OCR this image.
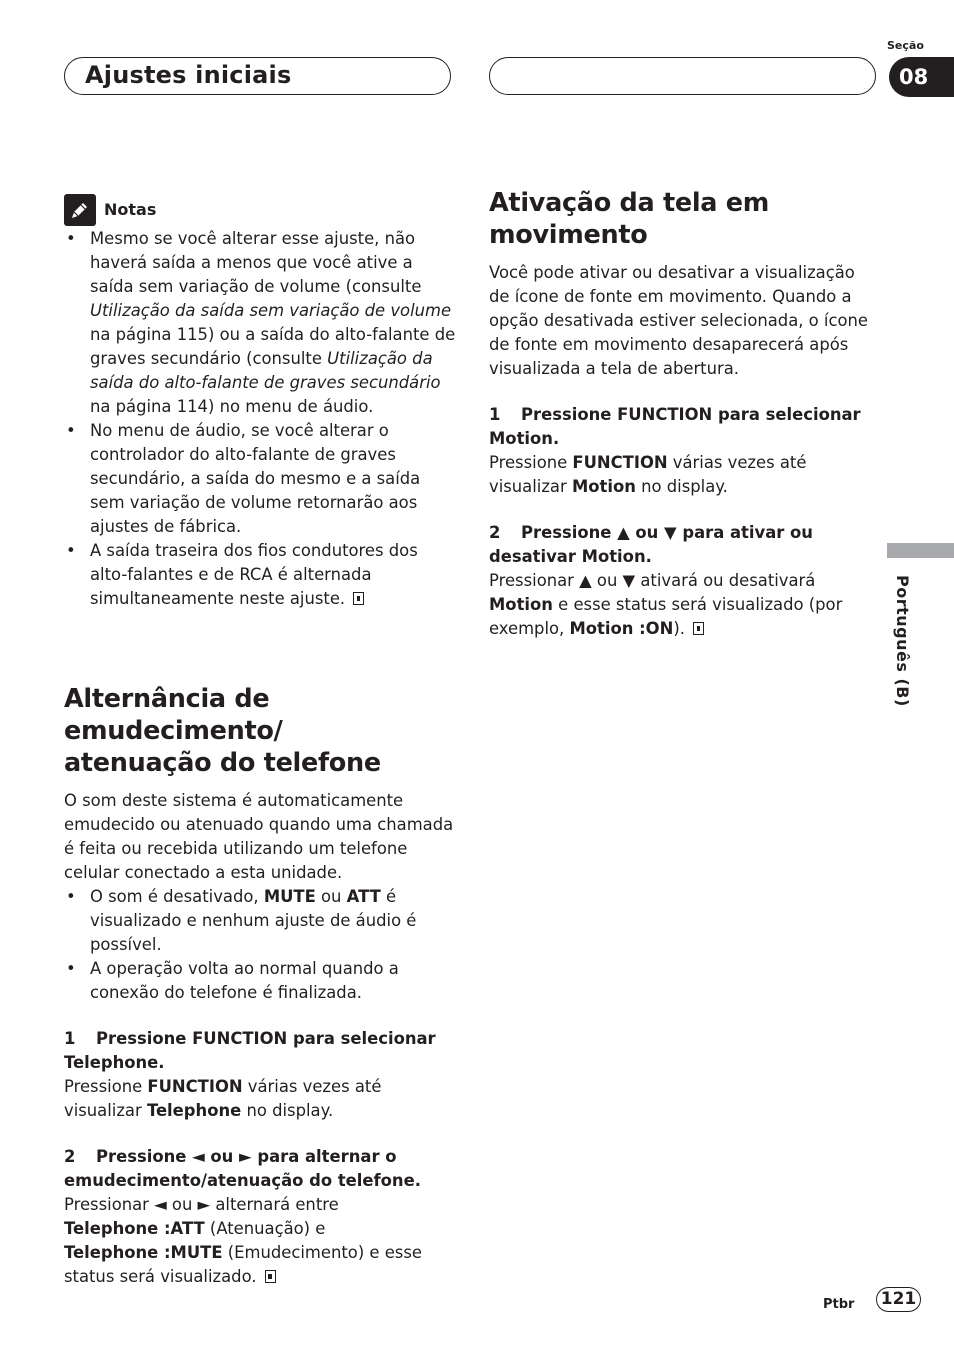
Ajustes iniciais
Seção
08
Notas
• Mesmo se você alterar esse ajuste, não haverá saída a menos que você ative a saída sem variação de volume (consulte Utilização da saída sem variação de volume na página 115) ou a saída do alto-falante de graves secundário (consulte Utilização da saída do alto-falante de graves secundário na página 114) no menu de áudio.
• No menu de áudio, se você alterar o controlador do alto-falante de graves secundário, a saída do mesmo e a saída sem variação de volume retornarão aos ajustes de fábrica.
• A saída traseira dos fios condutores dos alto-falantes e de RCA é alternada simultaneamente neste ajuste.
Alternância de emudecimento/
atenuação do telefone

O som deste sistema é automaticamente emudecido ou atenuado quando uma chamada é feita ou recebida utilizando um telefone celular conectado a esta unidade.

• O som é desativado, MUTE ou ATT é visualizado e nenhum ajuste de áudio é possível.
• A operação volta ao normal quando a conexão do telefone é finalizada.
1 Pressione FUNCTION para selecionar Telephone.

Pressione FUNCTION várias vezes até visualizar Telephone no display.

2 Pressione ◄ ou ► para alternar o emudecimento/atenuação do telefone.

Pressionar ◄ ou ► alternará entre
Telephone :ATT (Atenuação) e
Telephone :MUTE (Emudecimento) e esse status será visualizado.

Ativação da tela em
movimento

Você pode ativar ou desativar a visualização de ícone de fonte em movimento. Quando a opção desativada estiver selecionada, o ícone de fonte em movimento desaparecerá após visualizada a tela de abertura.

1 Pressione FUNCTION para selecionar Motion.

Pressione FUNCTION várias vezes até visualizar Motion no display.

2 Pressione ▲ ou ▼ para ativar ou desativar Motion.

Pressionar ▲ ou ▼ ativará ou desativará Motion e esse status será visualizado (por exemplo, Motion :ON).	Português (B)
Ptbr 121
